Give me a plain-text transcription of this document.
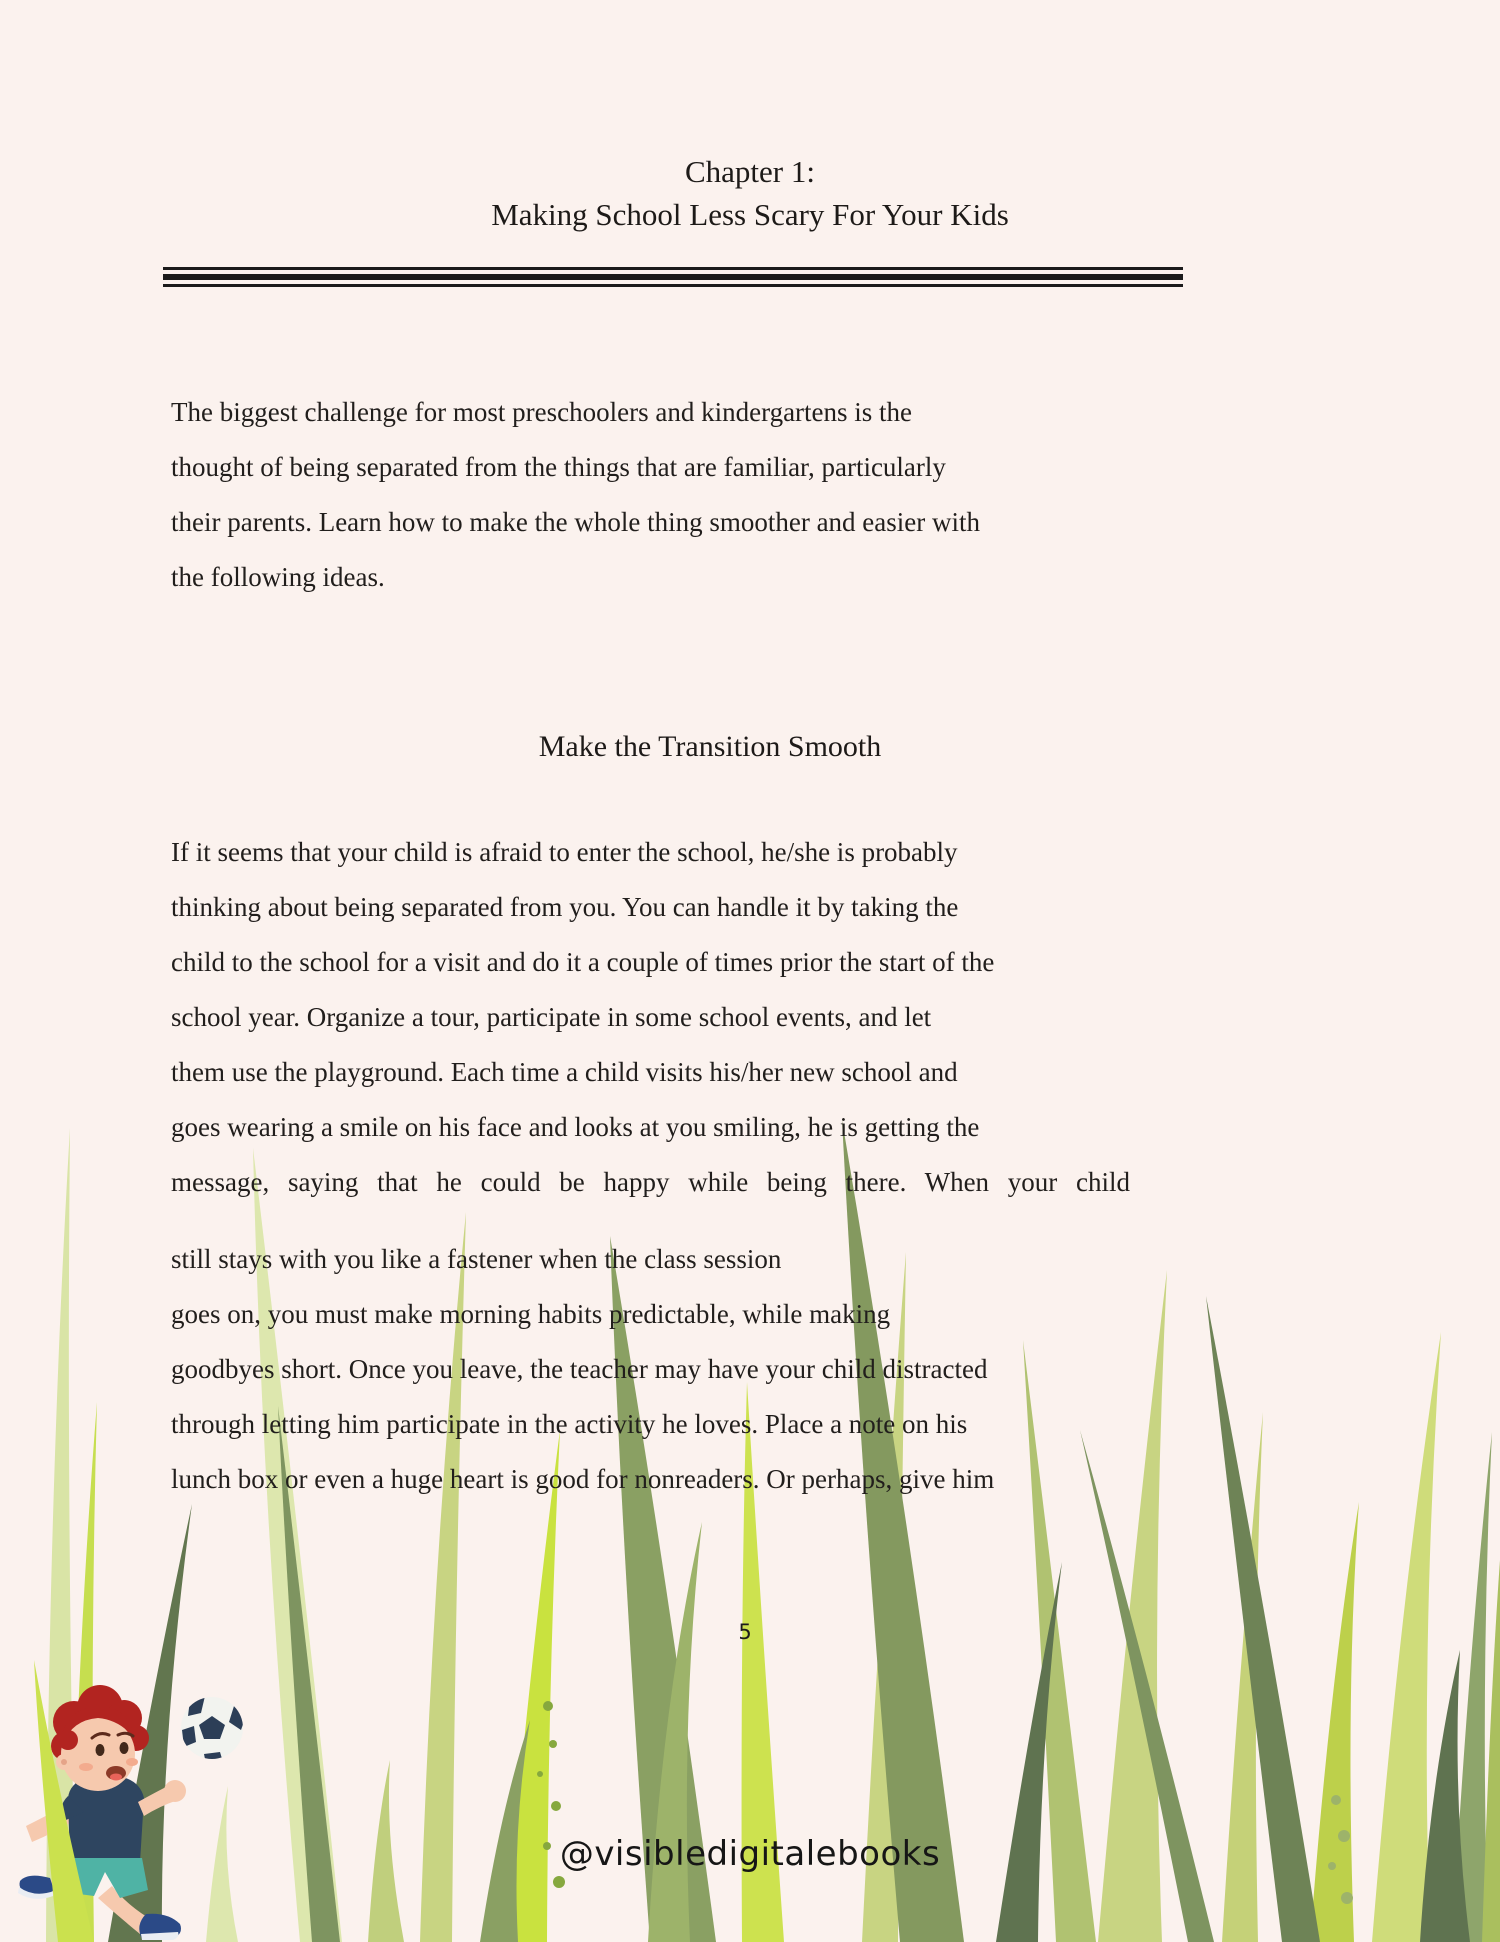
Chapter 1:
Making School Less Scary For Your Kids
The biggest challenge for most preschoolers and kindergartens is the
thought of being separated from the things that are familiar, particularly
their parents. Learn how to make the whole thing smoother and easier with
the following ideas.
Make the Transition Smooth
If it seems that your child is afraid to enter the school, he/she is probably
thinking about being separated from you. You can handle it by taking the
child to the school for a visit and do it a couple of times prior the start of the
school year. Organize a tour, participate in some school events, and let
them use the playground. Each time a child visits his/her new school and
goes wearing a smile on his face and looks at you smiling, he is getting the
message, saying that he could be happy while being there. When your child
still stays with you like a fastener when the class session
goes on, you must make morning habits predictable, while making
goodbyes short. Once you leave, the teacher may have your child distracted
through letting him participate in the activity he loves. Place a note on his
lunch box or even a huge heart is good for nonreaders. Or perhaps, give him
5
@visibledigitalebooks
